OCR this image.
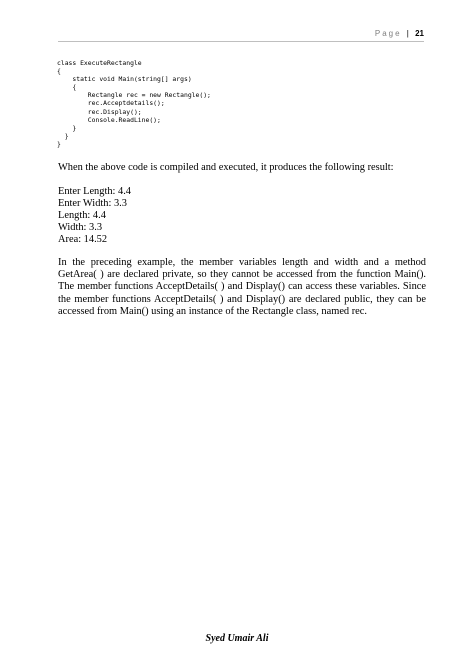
Page | 21
class ExecuteRectangle
{
static void Main(string[] args)
{
Rectangle rec = new Rectangle();
rec.Acceptdetails();
rec.Display();
Console.ReadLine();
}
}
}

When the above code is compiled and executed, it produces the following result:

Enter Length: 4.4
Enter Width: 3.3
Length: 4.4
Width: 3.3
Area: 14.52

In the preceding example, the member variables length and width and a method GetArea( ) are declared private, so they cannot be accessed from the function Main(). The member functions AcceptDetails( ) and Display() can access these variables. Since the member functions AcceptDetails( ) and Display() are declared public, they can be accessed from Main() using an instance of the Rectangle class, named rec.

Syed Umair Ali
